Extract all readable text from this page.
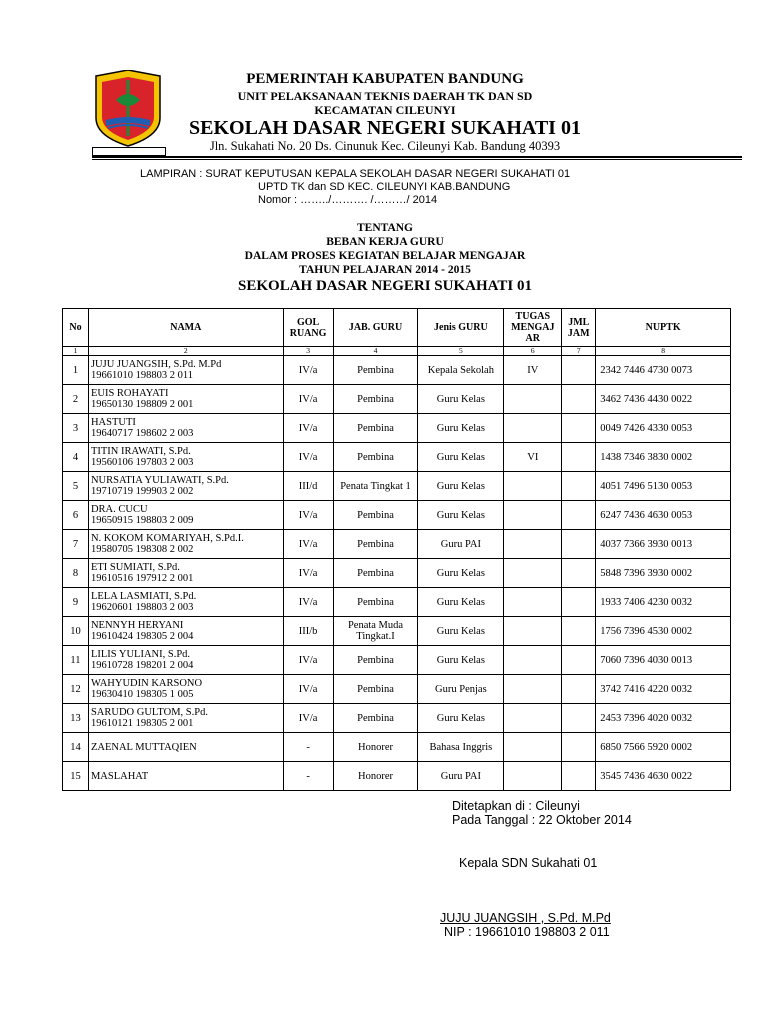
PEMERINTAH KABUPATEN BANDUNG
UNIT PELAKSANAAN TEKNIS DAERAH TK DAN SD
KECAMATAN CILEUNYI
SEKOLAH DASAR NEGERI SUKAHATI 01
Jln. Sukahati No. 20 Ds. Cinunuk Kec. Cileunyi Kab. Bandung 40393
LAMPIRAN : SURAT KEPUTUSAN KEPALA SEKOLAH DASAR NEGERI SUKAHATI 01
UPTD TK dan SD KEC. CILEUNYI KAB.BANDUNG
Nomor : ……../………. /………/ 2014
TENTANG
BEBAN KERJA GURU
DALAM PROSES KEGIATAN BELAJAR MENGAJAR
TAHUN PELAJARAN 2014 - 2015
SEKOLAH DASAR NEGERI SUKAHATI 01
No	NAMA	GOL RUANG	JAB. GURU	Jenis GURU	TUGAS MENGAJ AR	JML JAM	NUPTK
1	2	3	4	5	6	7	8
1	JUJU JUANGSIH, S.Pd. M.Pd
19661010 198803 2 011	IV/a	Pembina	Kepala Sekolah	IV		2342 7446 4730 0073
2	EUIS ROHAYATI
19650130 198809 2 001	IV/a	Pembina	Guru Kelas			3462 7436 4430 0022
3	HASTUTI
19640717 198602 2 003	IV/a	Pembina	Guru Kelas			0049 7426 4330 0053
4	TITIN IRAWATI, S.Pd.
19560106 197803 2 003	IV/a	Pembina	Guru Kelas	VI		1438 7346 3830 0002
5	NURSATIA YULIAWATI, S.Pd.
19710719 199903 2 002	III/d	Penata Tingkat 1	Guru Kelas			4051 7496 5130 0053
6	DRA. CUCU
19650915 198803 2 009	IV/a	Pembina	Guru Kelas			6247 7436 4630 0053
7	N. KOKOM KOMARIYAH, S.Pd.I.
19580705 198308 2 002	IV/a	Pembina	Guru PAI			4037 7366 3930 0013
8	ETI SUMIATI, S.Pd.
19610516 197912 2 001	IV/a	Pembina	Guru Kelas			5848 7396 3930 0002
9	LELA LASMIATI, S.Pd.
19620601 198803 2 003	IV/a	Pembina	Guru Kelas			1933 7406 4230 0032
10	NENNYH HERYANI
19610424 198305 2 004	III/b	Penata Muda Tingkat.I	Guru Kelas			1756 7396 4530 0002
11	LILIS YULIANI, S.Pd.
19610728 198201 2 004	IV/a	Pembina	Guru Kelas			7060 7396 4030 0013
12	WAHYUDIN KARSONO
19630410 198305 1 005	IV/a	Pembina	Guru Penjas			3742 7416 4220 0032
13	SARUDO GULTOM, S.Pd.
19610121 198305 2 001	IV/a	Pembina	Guru Kelas			2453 7396 4020 0032
14	ZAENAL MUTTAQIEN	-	Honorer	Bahasa Inggris			6850 7566 5920 0002
15	MASLAHAT	-	Honorer	Guru PAI			3545 7436 4630 0022
Ditetapkan di : Cileunyi
Pada Tanggal : 22 Oktober 2014
Kepala SDN Sukahati 01
JUJU JUANGSIH , S.Pd. M.Pd
NIP : 19661010 198803 2 011
